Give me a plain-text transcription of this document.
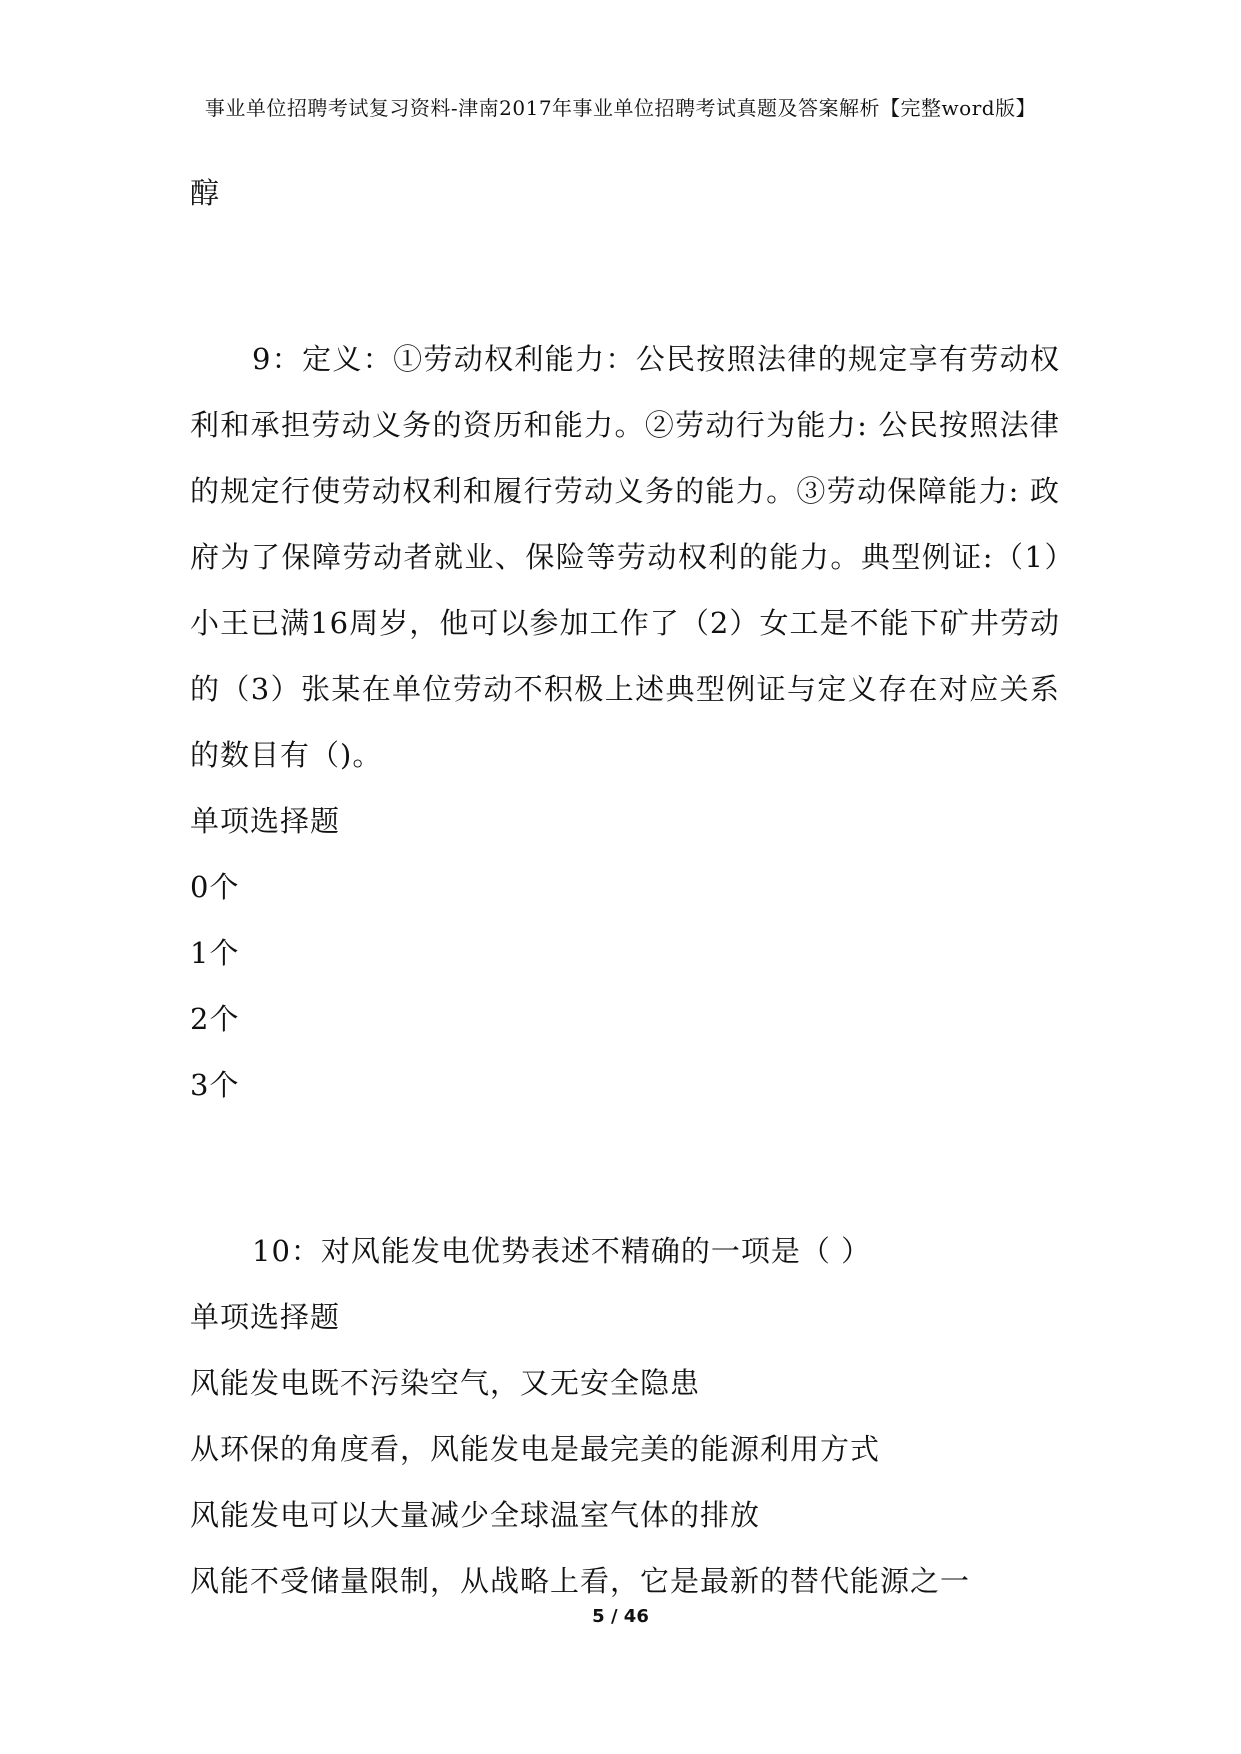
事业单位招聘考试复习资料-津南2017年事业单位招聘考试真题及答案解析【完整word版】
醇

9：定义：①劳动权利能力：公民按照法律的规定享有劳动权利和承担劳动义务的资历和能力。②劳动行为能力: 公民按照法律的规定行使劳动权利和履行劳动义务的能力。③劳动保障能力: 政府为了保障劳动者就业、保险等劳动权利的能力。典型例证:（1）小王已满16周岁，他可以参加工作了（2）女工是不能下矿井劳动的（3）张某在单位劳动不积极上述典型例证与定义存在对应关系的数目有（)。

单项选择题

0个

1个

2个

3个

10：对风能发电优势表述不精确的一项是（ ）

单项选择题

风能发电既不污染空气，又无安全隐患

从环保的角度看，风能发电是最完美的能源利用方式

风能发电可以大量减少全球温室气体的排放

风能不受储量限制，从战略上看，它是最新的替代能源之一

5 / 46
